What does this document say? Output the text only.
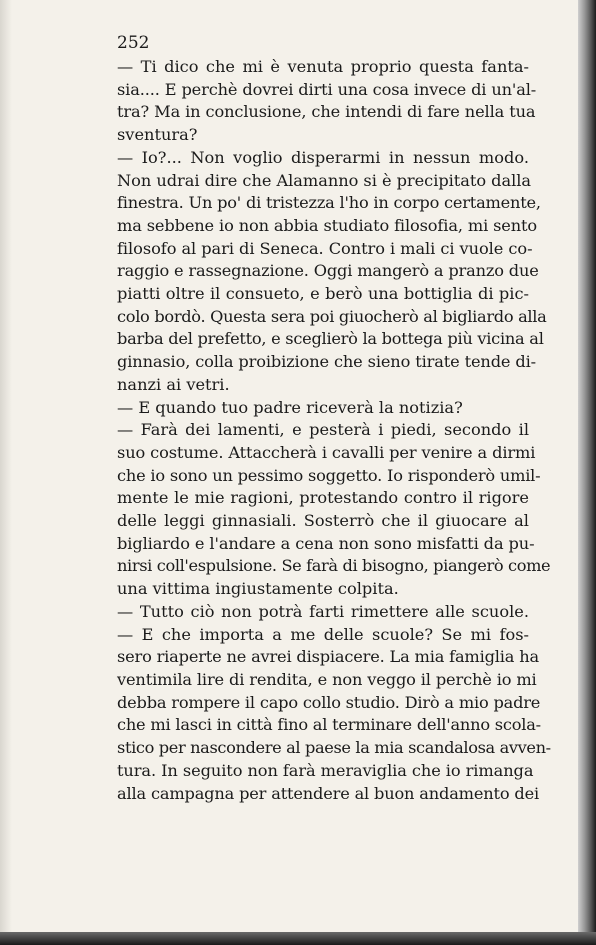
252
— Ti dico che mi è venuta proprio questa fanta-
sia.... E perchè dovrei dirti una cosa invece di un'al-
tra? Ma in conclusione, che intendi di fare nella tua
sventura?
— Io?... Non voglio disperarmi in nessun modo.
Non udrai dire che Alamanno si è precipitato dalla
finestra. Un po' di tristezza l'ho in corpo certamente,
ma sebbene io non abbia studiato filosofia, mi sento
filosofo al pari di Seneca. Contro i mali ci vuole co-
raggio e rassegnazione. Oggi mangerò a pranzo due
piatti oltre il consueto, e berò una bottiglia di pic-
colo bordò. Questa sera poi giuocherò al bigliardo alla
barba del prefetto, e sceglierò la bottega più vicina al
ginnasio, colla proibizione che sieno tirate tende di-
nanzi ai vetri.
— E quando tuo padre riceverà la notizia?
— Farà dei lamenti, e pesterà i piedi, secondo il
suo costume. Attaccherà i cavalli per venire a dirmi
che io sono un pessimo soggetto. Io risponderò umil-
mente le mie ragioni, protestando contro il rigore
delle leggi ginnasiali. Sosterrò che il giuocare al
bigliardo e l'andare a cena non sono misfatti da pu-
nirsi coll'espulsione. Se farà di bisogno, piangerò come
una vittima ingiustamente colpita.
— Tutto ciò non potrà farti rimettere alle scuole.
— E che importa a me delle scuole? Se mi fos-
sero riaperte ne avrei dispiacere. La mia famiglia ha
ventimila lire di rendita, e non veggo il perchè io mi
debba rompere il capo collo studio. Dirò a mio padre
che mi lasci in città fino al terminare dell'anno scola-
stico per nascondere al paese la mia scandalosa avven-
tura. In seguito non farà meraviglia che io rimanga
alla campagna per attendere al buon andamento dei
